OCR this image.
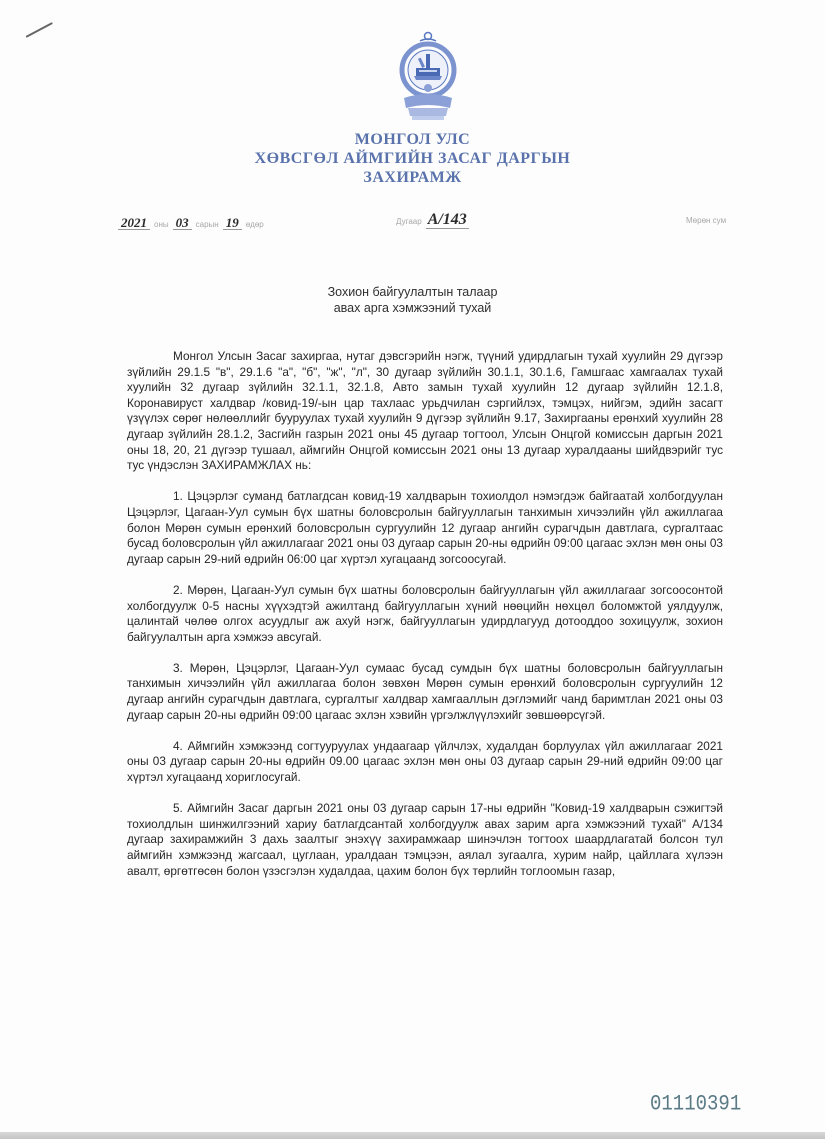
МОНГОЛ УЛС
ХӨВСГӨЛ АЙМГИЙН ЗАСАГ ДАРГЫН
ЗАХИРАМЖ
2021 оны 03 сарын 19 өдөр	Дугаар А/143	Мөрөн сум
Зохион байгуулалтын талаар
авах арга хэмжээний тухай

Монгол Улсын Засаг захиргаа, нутаг дэвсгэрийн нэгж, түүний удирдлагын тухай хуулийн 29 дүгээр зүйлийн 29.1.5 "в", 29.1.6 "а", "б", "ж", "л", 30 дугаар зүйлийн 30.1.1, 30.1.6, Гамшгаас хамгаалах тухай хуулийн 32 дугаар зүйлийн 32.1.1, 32.1.8, Авто замын тухай хуулийн 12 дугаар зүйлийн 12.1.8, Коронавируст халдвар /ковид-19/-ын цар тахлаас урьдчилан сэргийлэх, тэмцэх, нийгэм, эдийн засагт үзүүлэх сөрөг нөлөөллийг бууруулах тухай хуулийн 9 дүгээр зүйлийн 9.17, Захиргааны ерөнхий хуулийн 28 дугаар зүйлийн 28.1.2, Засгийн газрын 2021 оны 45 дугаар тогтоол, Улсын Онцгой комиссын даргын 2021 оны 18, 20, 21 дүгээр тушаал, аймгийн Онцгой комиссын 2021 оны 13 дугаар хуралдааны шийдвэрийг тус тус үндэслэн ЗАХИРАМЖЛАХ нь:

1. Цэцэрлэг суманд батлагдсан ковид-19 халдварын тохиолдол нэмэгдэж байгаатай холбогдуулан Цэцэрлэг, Цагаан-Уул сумын бүх шатны боловсролын байгууллагын танхимын хичээлийн үйл ажиллагаа болон Мөрөн сумын ерөнхий боловсролын сургуулийн 12 дугаар ангийн сурагчдын давтлага, сургалтаас бусад боловсролын үйл ажиллагааг 2021 оны 03 дугаар сарын 20-ны өдрийн 09:00 цагаас эхлэн мөн оны 03 дугаар сарын 29-ний өдрийн 06:00 цаг хүртэл хугацаанд зогсоосугай.

2. Мөрөн, Цагаан-Уул сумын бүх шатны боловсролын байгууллагын үйл ажиллагааг зогсоосонтой холбогдуулж 0-5 насны хүүхэдтэй ажилтанд байгууллагын хүний нөөцийн нөхцөл боломжтой уялдуулж, цалинтай чөлөө олгох асуудлыг аж ахуй нэгж, байгууллагын удирдлагууд дотооддоо зохицуулж, зохион байгуулалтын арга хэмжээ авсугай.

3. Мөрөн, Цэцэрлэг, Цагаан-Уул сумаас бусад сумдын бүх шатны боловсролын байгууллагын танхимын хичээлийн үйл ажиллагаа болон зөвхөн Мөрөн сумын ерөнхий боловсролын сургуулийн 12 дугаар ангийн сурагчдын давтлага, сургалтыг халдвар хамгааллын дэглэмийг чанд баримтлан 2021 оны 03 дугаар сарын 20-ны өдрийн 09:00 цагаас эхлэн хэвийн үргэлжлүүлэхийг зөвшөөрсүгэй.

4. Аймгийн хэмжээнд согтууруулах ундаагаар үйлчлэх, худалдан борлуулах үйл ажиллагааг 2021 оны 03 дугаар сарын 20-ны өдрийн 09.00 цагаас эхлэн мөн оны 03 дугаар сарын 29-ний өдрийн 09:00 цаг хүртэл хугацаанд хориглосугай.

5. Аймгийн Засаг даргын 2021 оны 03 дугаар сарын 17-ны өдрийн "Ковид-19 халдварын сэжигтэй тохиолдлын шинжилгээний хариу батлагдсантай холбогдуулж авах зарим арга хэмжээний тухай" А/134 дугаар захирамжийн 3 дахь заалтыг энэхүү захирамжаар шинэчлэн тогтоох шаардлагатай болсон тул аймгийн хэмжээнд жагсаал, цуглаан, уралдаан тэмцээн, аялал зугаалга, хурим найр, цайллага хүлээн авалт, өргөтгөсөн болон үзэсгэлэн худалдаа, цахим болон бүх төрлийн тоглоомын газар,

01110391
